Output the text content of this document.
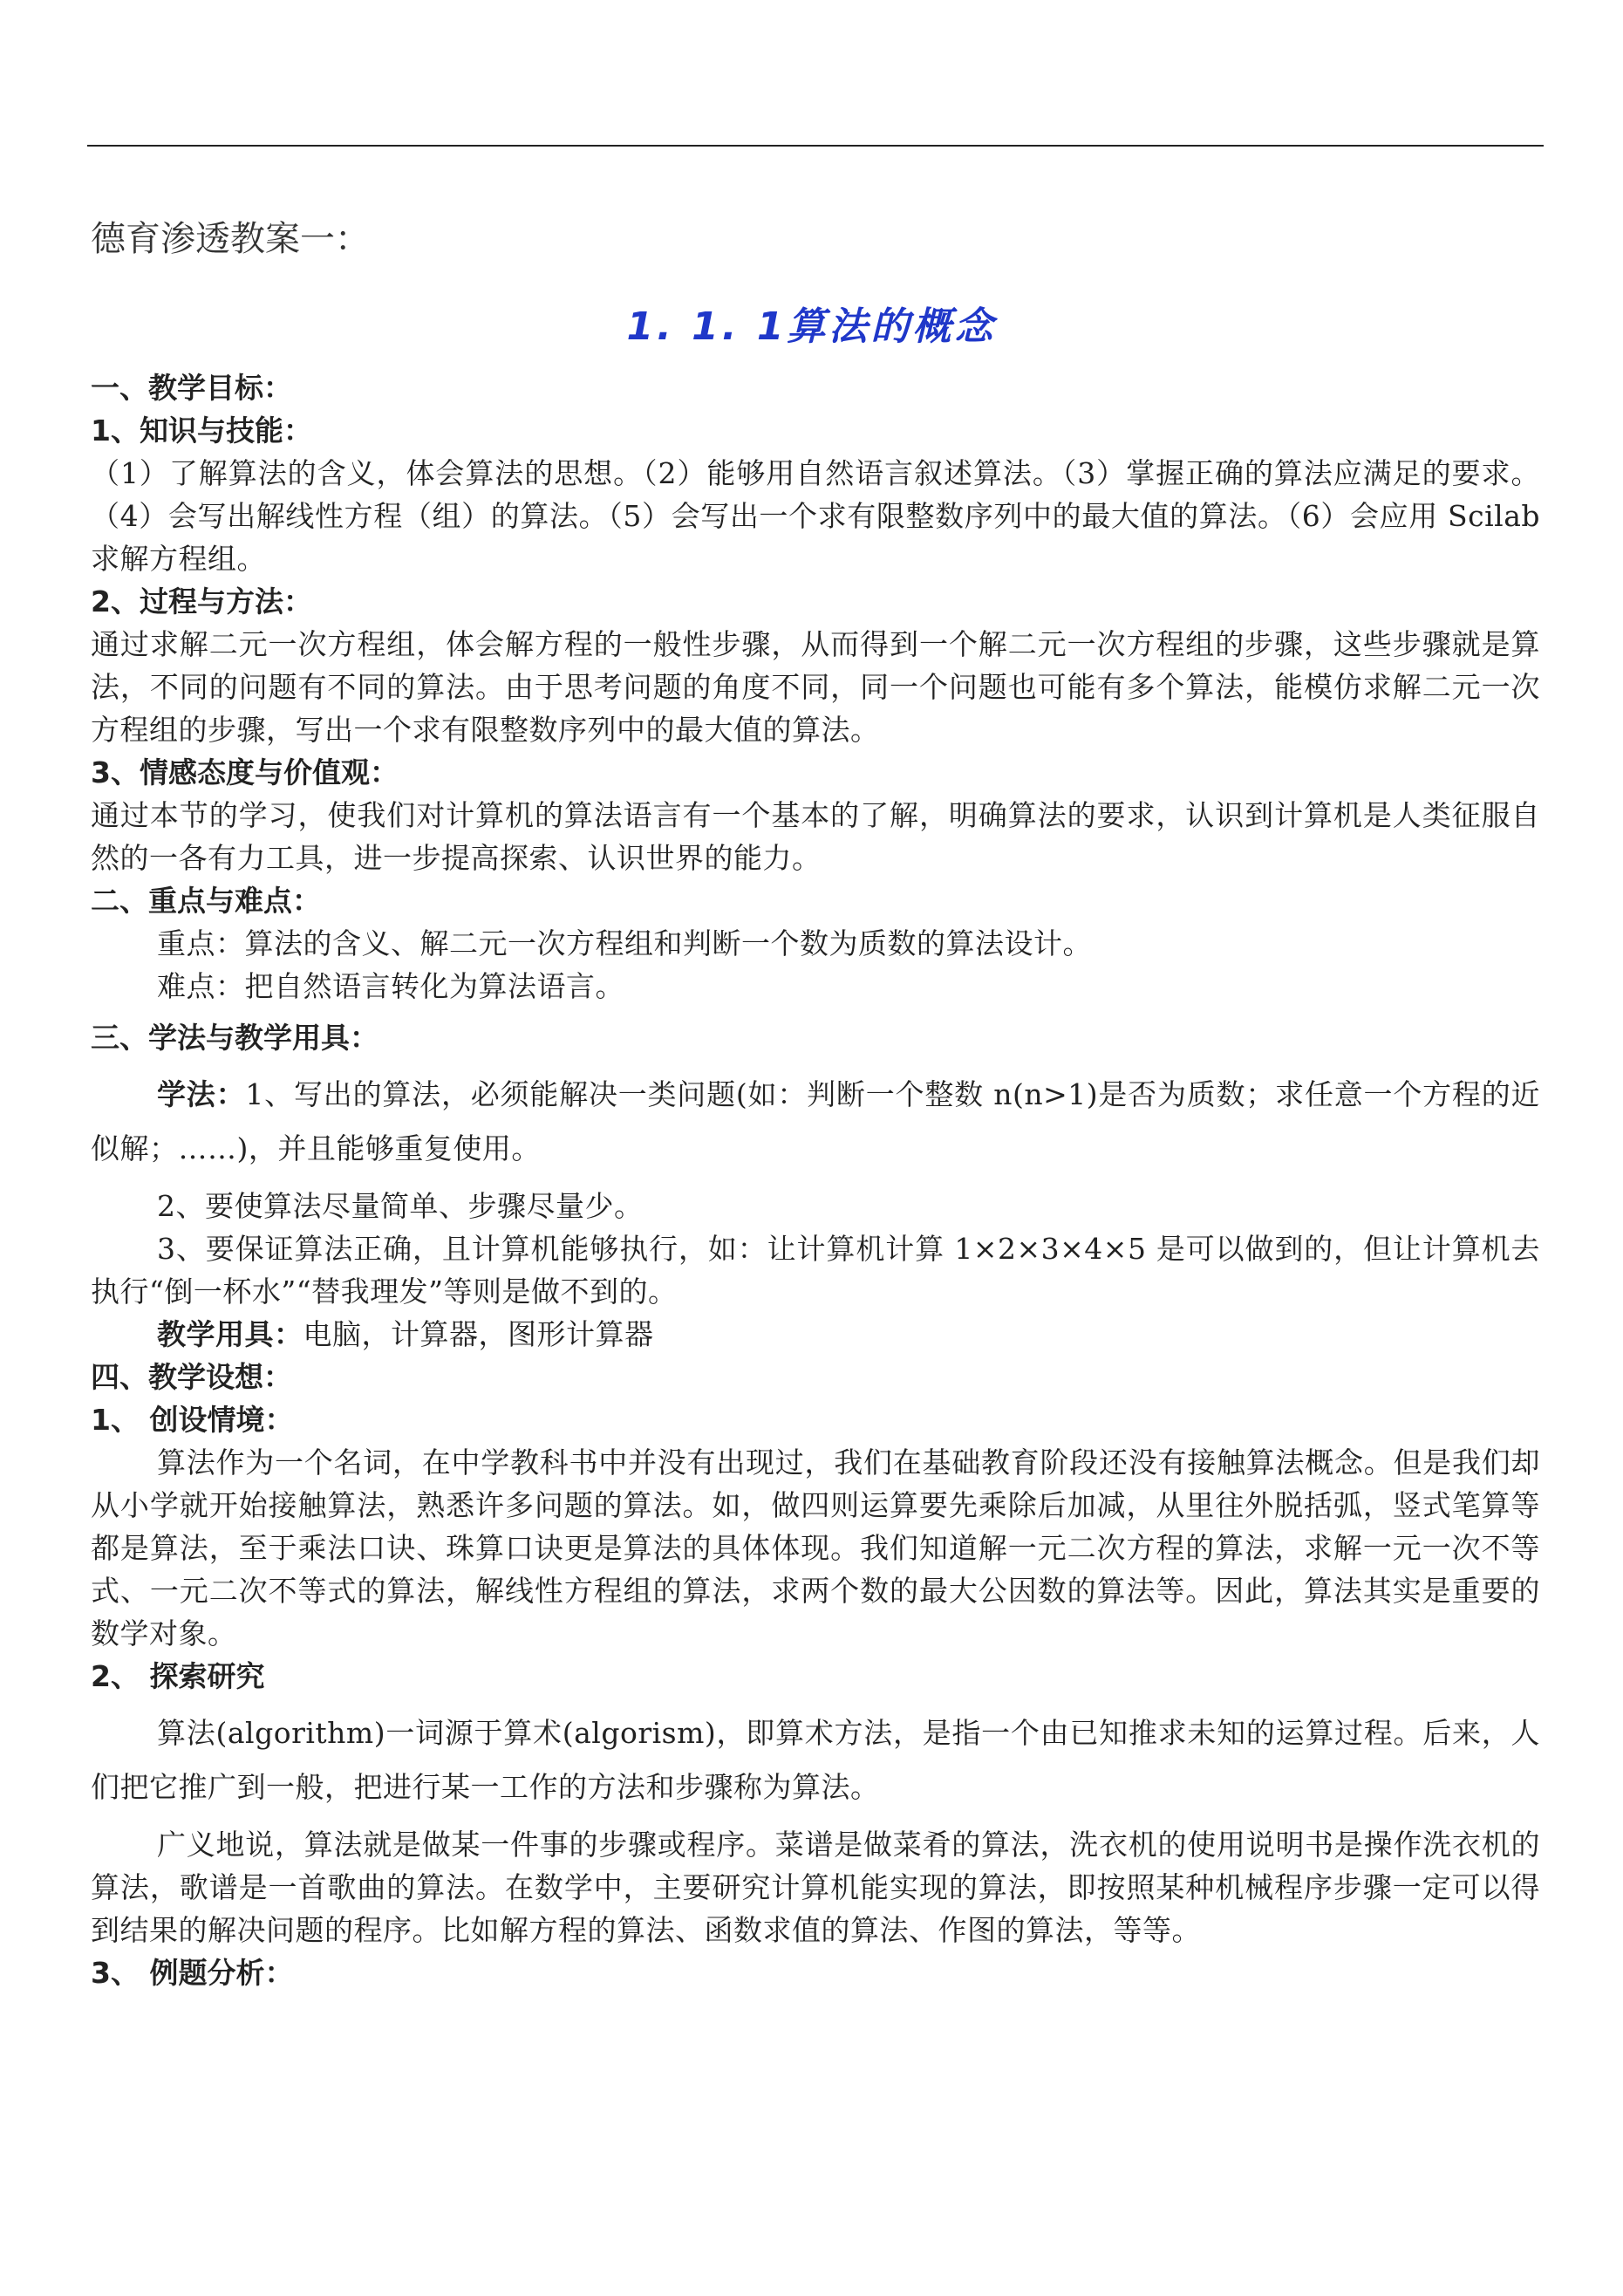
德育渗透教案一：
1. 1. 1算法的概念

一、教学目标：

1、知识与技能：

（1）了解算法的含义，体会算法的思想。（2）能够用自然语言叙述算法。（3）掌握正确的算法应满足的要求。（4）会写出解线性方程（组）的算法。（5）会写出一个求有限整数序列中的最大值的算法。（6）会应用 Scilab 求解方程组。

2、过程与方法：

通过求解二元一次方程组，体会解方程的一般性步骤，从而得到一个解二元一次方程组的步骤，这些步骤就是算法，不同的问题有不同的算法。由于思考问题的角度不同，同一个问题也可能有多个算法，能模仿求解二元一次方程组的步骤，写出一个求有限整数序列中的最大值的算法。

3、情感态度与价值观：

通过本节的学习，使我们对计算机的算法语言有一个基本的了解，明确算法的要求，认识到计算机是人类征服自然的一各有力工具，进一步提高探索、认识世界的能力。

二、重点与难点：

重点：算法的含义、解二元一次方程组和判断一个数为质数的算法设计。

难点：把自然语言转化为算法语言。

三、学法与教学用具：

学法：1、写出的算法，必须能解决一类问题(如：判断一个整数 n(n>1)是否为质数；求任意一个方程的近似解；……)，并且能够重复使用。

2、要使算法尽量简单、步骤尽量少。

3、要保证算法正确，且计算机能够执行，如：让计算机计算 1×2×3×4×5 是可以做到的，但让计算机去执行“倒一杯水”“替我理发”等则是做不到的。

教学用具：电脑，计算器，图形计算器

四、教学设想：

1、 创设情境：

算法作为一个名词，在中学教科书中并没有出现过，我们在基础教育阶段还没有接触算法概念。但是我们却从小学就开始接触算法，熟悉许多问题的算法。如，做四则运算要先乘除后加减，从里往外脱括弧，竖式笔算等都是算法，至于乘法口诀、珠算口诀更是算法的具体体现。我们知道解一元二次方程的算法，求解一元一次不等式、一元二次不等式的算法，解线性方程组的算法，求两个数的最大公因数的算法等。因此，算法其实是重要的数学对象。

2、 探索研究

算法(algorithm)一词源于算术(algorism)，即算术方法，是指一个由已知推求未知的运算过程。后来，人们把它推广到一般，把进行某一工作的方法和步骤称为算法。

广义地说，算法就是做某一件事的步骤或程序。菜谱是做菜肴的算法，洗衣机的使用说明书是操作洗衣机的算法，歌谱是一首歌曲的算法。在数学中，主要研究计算机能实现的算法，即按照某种机械程序步骤一定可以得到结果的解决问题的程序。比如解方程的算法、函数求值的算法、作图的算法，等等。

3、 例题分析：
